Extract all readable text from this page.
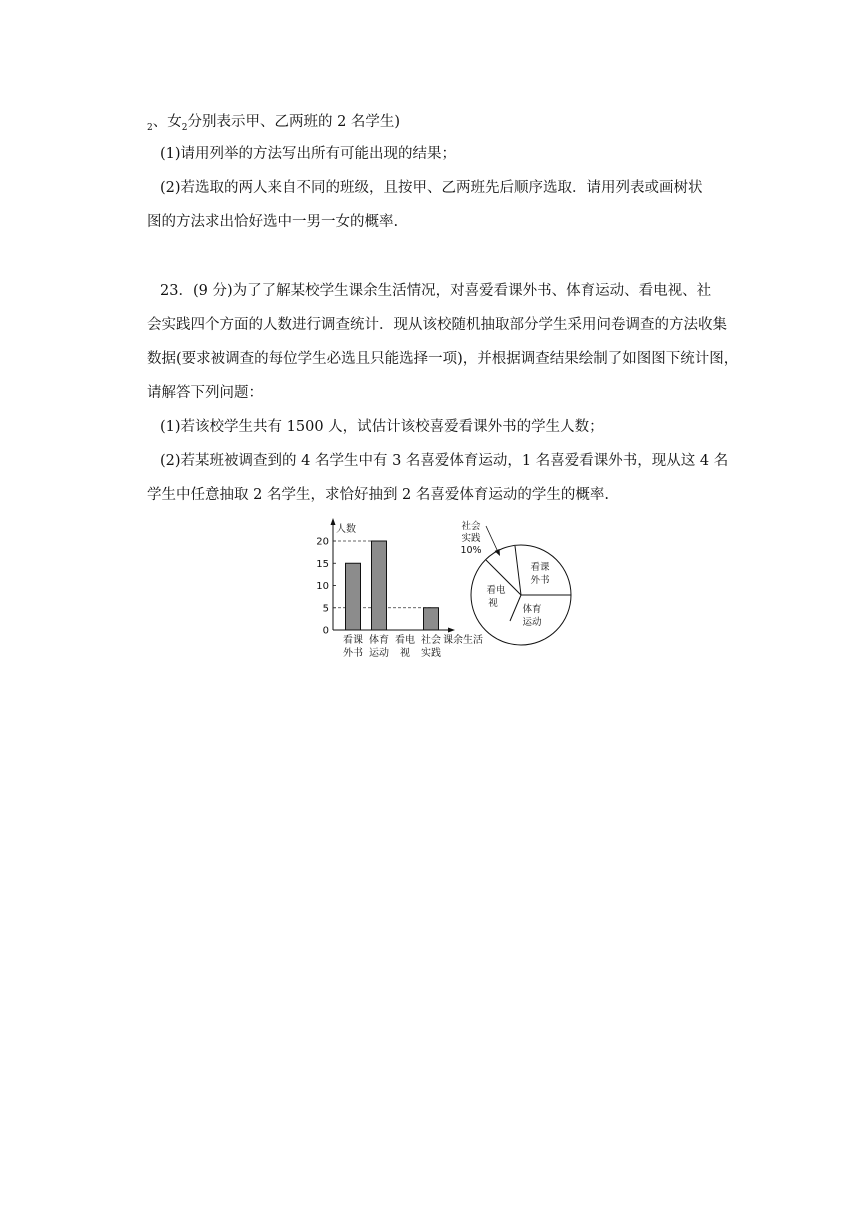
$_2$、女$_2$分别表示甲、乙两班的 2 名学生)
(1)请用列举的方法写出所有可能出现的结果；
(2)若选取的两人来自不同的班级，且按甲、乙两班先后顺序选取．请用列表或画树状
图的方法求出恰好选中一男一女的概率.
23．(9 分)为了了解某校学生课余生活情况，对喜爱看课外书、体育运动、看电视、社
会实践四个方面的人数进行调查统计．现从该校随机抽取部分学生采用问卷调查的方法收集
数据(要求被调查的每位学生必选且只能选择一项)，并根据调查结果绘制了如图图下统计图，
请解答下列问题：
(1)若该校学生共有 1500 人，试估计该校喜爱看课外书的学生人数；
(2)若某班被调查到的 4 名学生中有 3 名喜爱体育运动，1 名喜爱看课外书，现从这 4 名
学生中任意抽取 2 名学生，求恰好抽到 2 名喜爱体育运动的学生的概率.
人数
课余生活
0
5
10
15
20
看课
外书
体育
运动
看电
视
社会
实践
社会
实践
10%
看课
外书
体育
运动
看电
视
